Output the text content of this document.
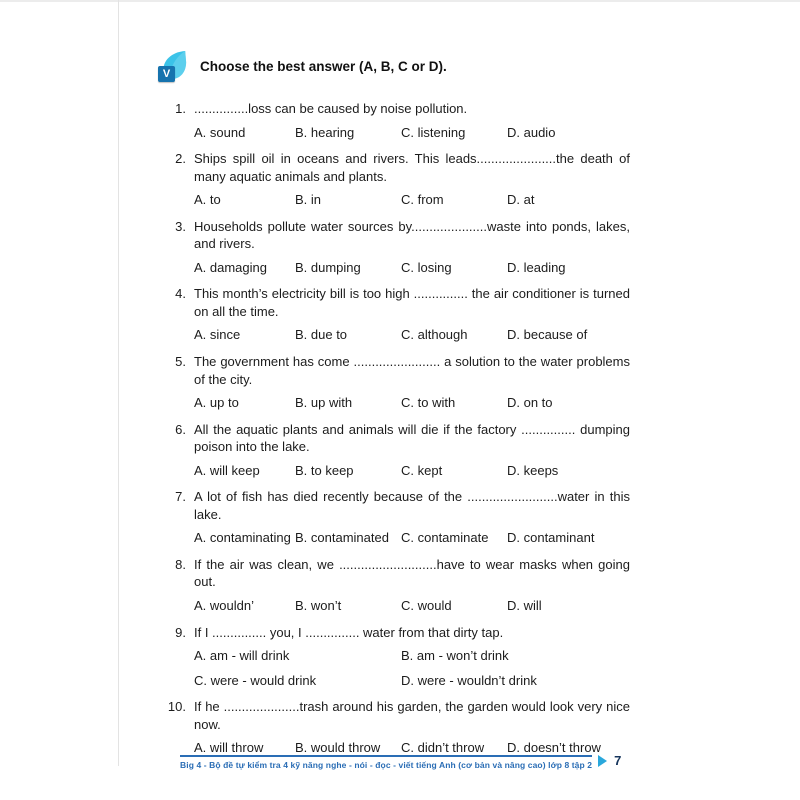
V
Choose the best answer (A, B, C or D).
1. ...............loss can be caused by noise pollution.
A. sound	B. hearing	C. listening	D. audio
2. Ships spill oil in oceans and rivers. This leads......................the death of many aquatic animals and plants.
A. to	B. in	C. from	D. at
3. Households pollute water sources by.....................waste into ponds, lakes, and rivers.
A. damaging	B. dumping	C. losing	D. leading
4. This month’s electricity bill is too high ............... the air conditioner is turned on all the time.
A. since	B. due to	C. although	D. because of
5. The government has come ........................ a solution to the water problems of the city.
A. up to	B. up with	C. to with	D. on to
6. All the aquatic plants and animals will die if the factory ............... dumping poison into the lake.
A. will keep	B. to keep	C. kept	D. keeps
7. A lot of fish has died recently because of the .........................water in this lake.
A. contaminating B. contaminated C. contaminate	D. contaminant
8. If the air was clean, we ...........................have to wear masks when going out.
A. wouldn’	B. won’t	C. would	D. will
9. If I ............... you, I ............... water from that dirty tap.
A. am - will drink	B. am - won’t drink
C. were - would drink	D. were - wouldn’t drink
10. If he .....................trash around his garden, the garden would look very nice now.
A. will throw	B. would throw	C. didn’t throw	D. doesn’t throw
Big 4 - Bộ đề tự kiểm tra 4 kỹ năng nghe - nói - đọc - viết tiếng Anh (cơ bản và nâng cao) lớp 8 tập 2 7
